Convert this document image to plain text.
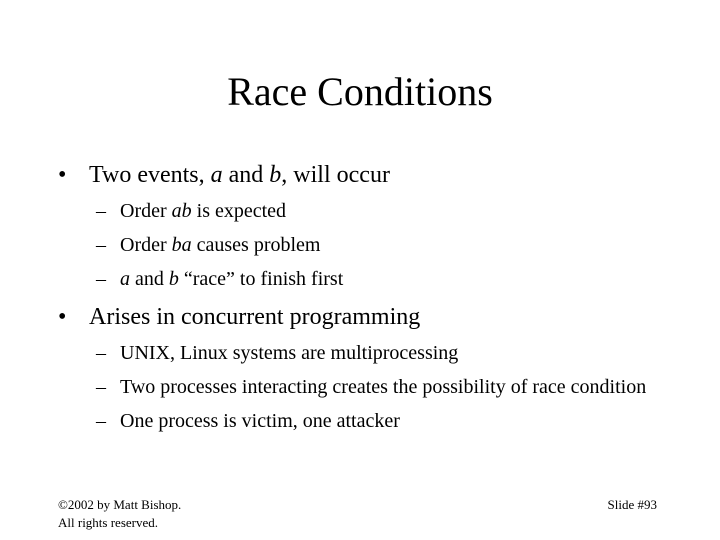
Race Conditions
• Two events, a and b, will occur
– Order ab is expected
– Order ba causes problem
– a and b “race” to finish first
• Arises in concurrent programming
– UNIX, Linux systems are multiprocessing
– Two processes interacting creates the possibility of race condition
– One process is victim, one attacker
©2002 by Matt Bishop.
All rights reserved.
Slide #93
